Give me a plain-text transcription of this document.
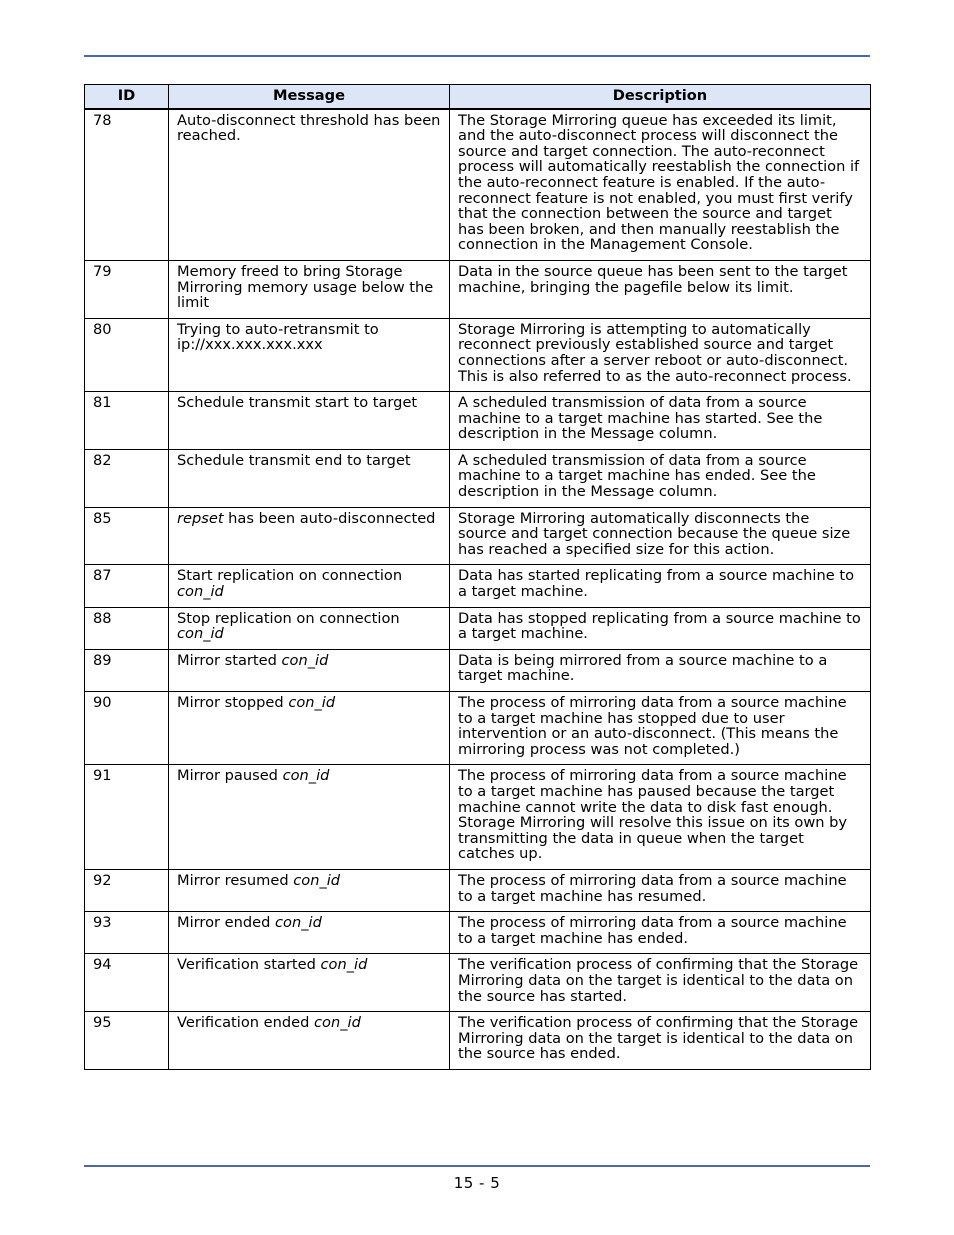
ID	Message	Description
78	Auto-disconnect threshold has been reached.	The Storage Mirroring queue has exceeded its limit, and the auto-disconnect process will disconnect the source and target connection. The auto-reconnect process will automatically reestablish the connection if the auto-reconnect feature is enabled. If the auto-reconnect feature is not enabled, you must first verify that the connection between the source and target has been broken, and then manually reestablish the connection in the Management Console.
79	Memory freed to bring Storage Mirroring memory usage below the limit	Data in the source queue has been sent to the target machine, bringing the pagefile below its limit.
80	Trying to auto-retransmit to ip://xxx.xxx.xxx.xxx	Storage Mirroring is attempting to automatically reconnect previously established source and target connections after a server reboot or auto-disconnect. This is also referred to as the auto-reconnect process.
81	Schedule transmit start to target	A scheduled transmission of data from a source machine to a target machine has started. See the description in the Message column.
82	Schedule transmit end to target	A scheduled transmission of data from a source machine to a target machine has ended. See the description in the Message column.
85	repset has been auto-disconnected	Storage Mirroring automatically disconnects the source and target connection because the queue size has reached a specified size for this action.
87	Start replication on connection con_id	Data has started replicating from a source machine to a target machine.
88	Stop replication on connection con_id	Data has stopped replicating from a source machine to a target machine.
89	Mirror started con_id	Data is being mirrored from a source machine to a target machine.
90	Mirror stopped con_id	The process of mirroring data from a source machine to a target machine has stopped due to user intervention or an auto-disconnect. (This means the mirroring process was not completed.)
91	Mirror paused con_id	The process of mirroring data from a source machine to a target machine has paused because the target machine cannot write the data to disk fast enough. Storage Mirroring will resolve this issue on its own by transmitting the data in queue when the target catches up.
92	Mirror resumed con_id	The process of mirroring data from a source machine to a target machine has resumed.
93	Mirror ended con_id	The process of mirroring data from a source machine to a target machine has ended.
94	Verification started con_id	The verification process of confirming that the Storage Mirroring data on the target is identical to the data on the source has started.
95	Verification ended con_id	The verification process of confirming that the Storage Mirroring data on the target is identical to the data on the source has ended.
15 - 5
